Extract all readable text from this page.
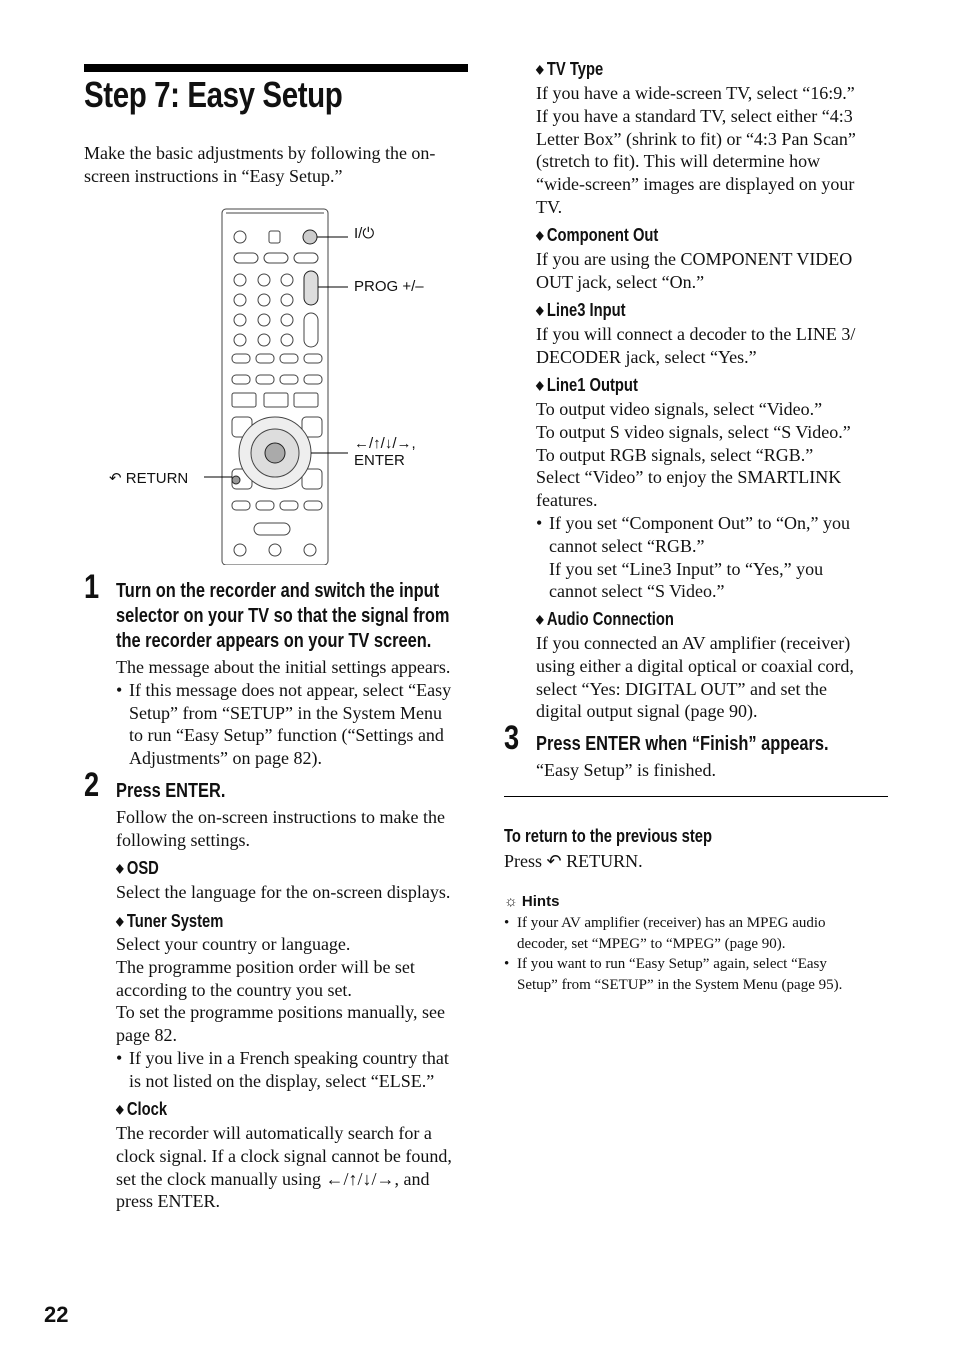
Step 7: Easy Setup

Make the basic adjustments by following the on-screen instructions in “Easy Setup.”

I/⏻
PROG +/–
←/↑/↓/→,
ENTER
↶ RETURN
1 Turn on the recorder and switch the input
selector on your TV so that the signal from
the recorder appears on your TV screen.

The message about the initial settings appears.

• If this message does not appear, select “Easy
Setup” from “SETUP” in the System Menu
to run “Easy Setup” function (“Settings and
Adjustments” on page 82).
2 Press ENTER.
Follow the on-screen instructions to make the
following settings.
◆ OSD
Select the language for the on-screen displays.
◆ Tuner System
Select your country or language.
The programme position order will be set
according to the country you set.
To set the programme positions manually, see
page 82.
• If you live in a French speaking country that
is not listed on the display, select “ELSE.”
◆ Clock
The recorder will automatically search for a
clock signal. If a clock signal cannot be found,
set the clock manually using ←/↑/↓/→, and
press ENTER.
◆ TV Type
If you have a wide-screen TV, select “16:9.”
If you have a standard TV, select either “4:3
Letter Box” (shrink to fit) or “4:3 Pan Scan”
(stretch to fit). This will determine how
“wide-screen” images are displayed on your
TV.
◆ Component Out
If you are using the COMPONENT VIDEO
OUT jack, select “On.”
◆ Line3 Input
If you will connect a decoder to the LINE 3/
DECODER jack, select “Yes.”
◆ Line1 Output
To output video signals, select “Video.”
To output S video signals, select “S Video.”
To output RGB signals, select “RGB.”
Select “Video” to enjoy the SMARTLINK
features.
• If you set “Component Out” to “On,” you
cannot select “RGB.”
If you set “Line3 Input” to “Yes,” you
cannot select “S Video.”
◆ Audio Connection
If you connected an AV amplifier (receiver)
using either a digital optical or coaxial cord,
select “Yes: DIGITAL OUT” and set the
digital output signal (page 90).
3 Press ENTER when “Finish” appears.
“Easy Setup” is finished.
To return to the previous step
Press ↶ RETURN.
☼ Hints
• If your AV amplifier (receiver) has an MPEG audio
decoder, set “MPEG” to “MPEG” (page 90).
• If you want to run “Easy Setup” again, select “Easy
Setup” from “SETUP” in the System Menu (page 95).
22
